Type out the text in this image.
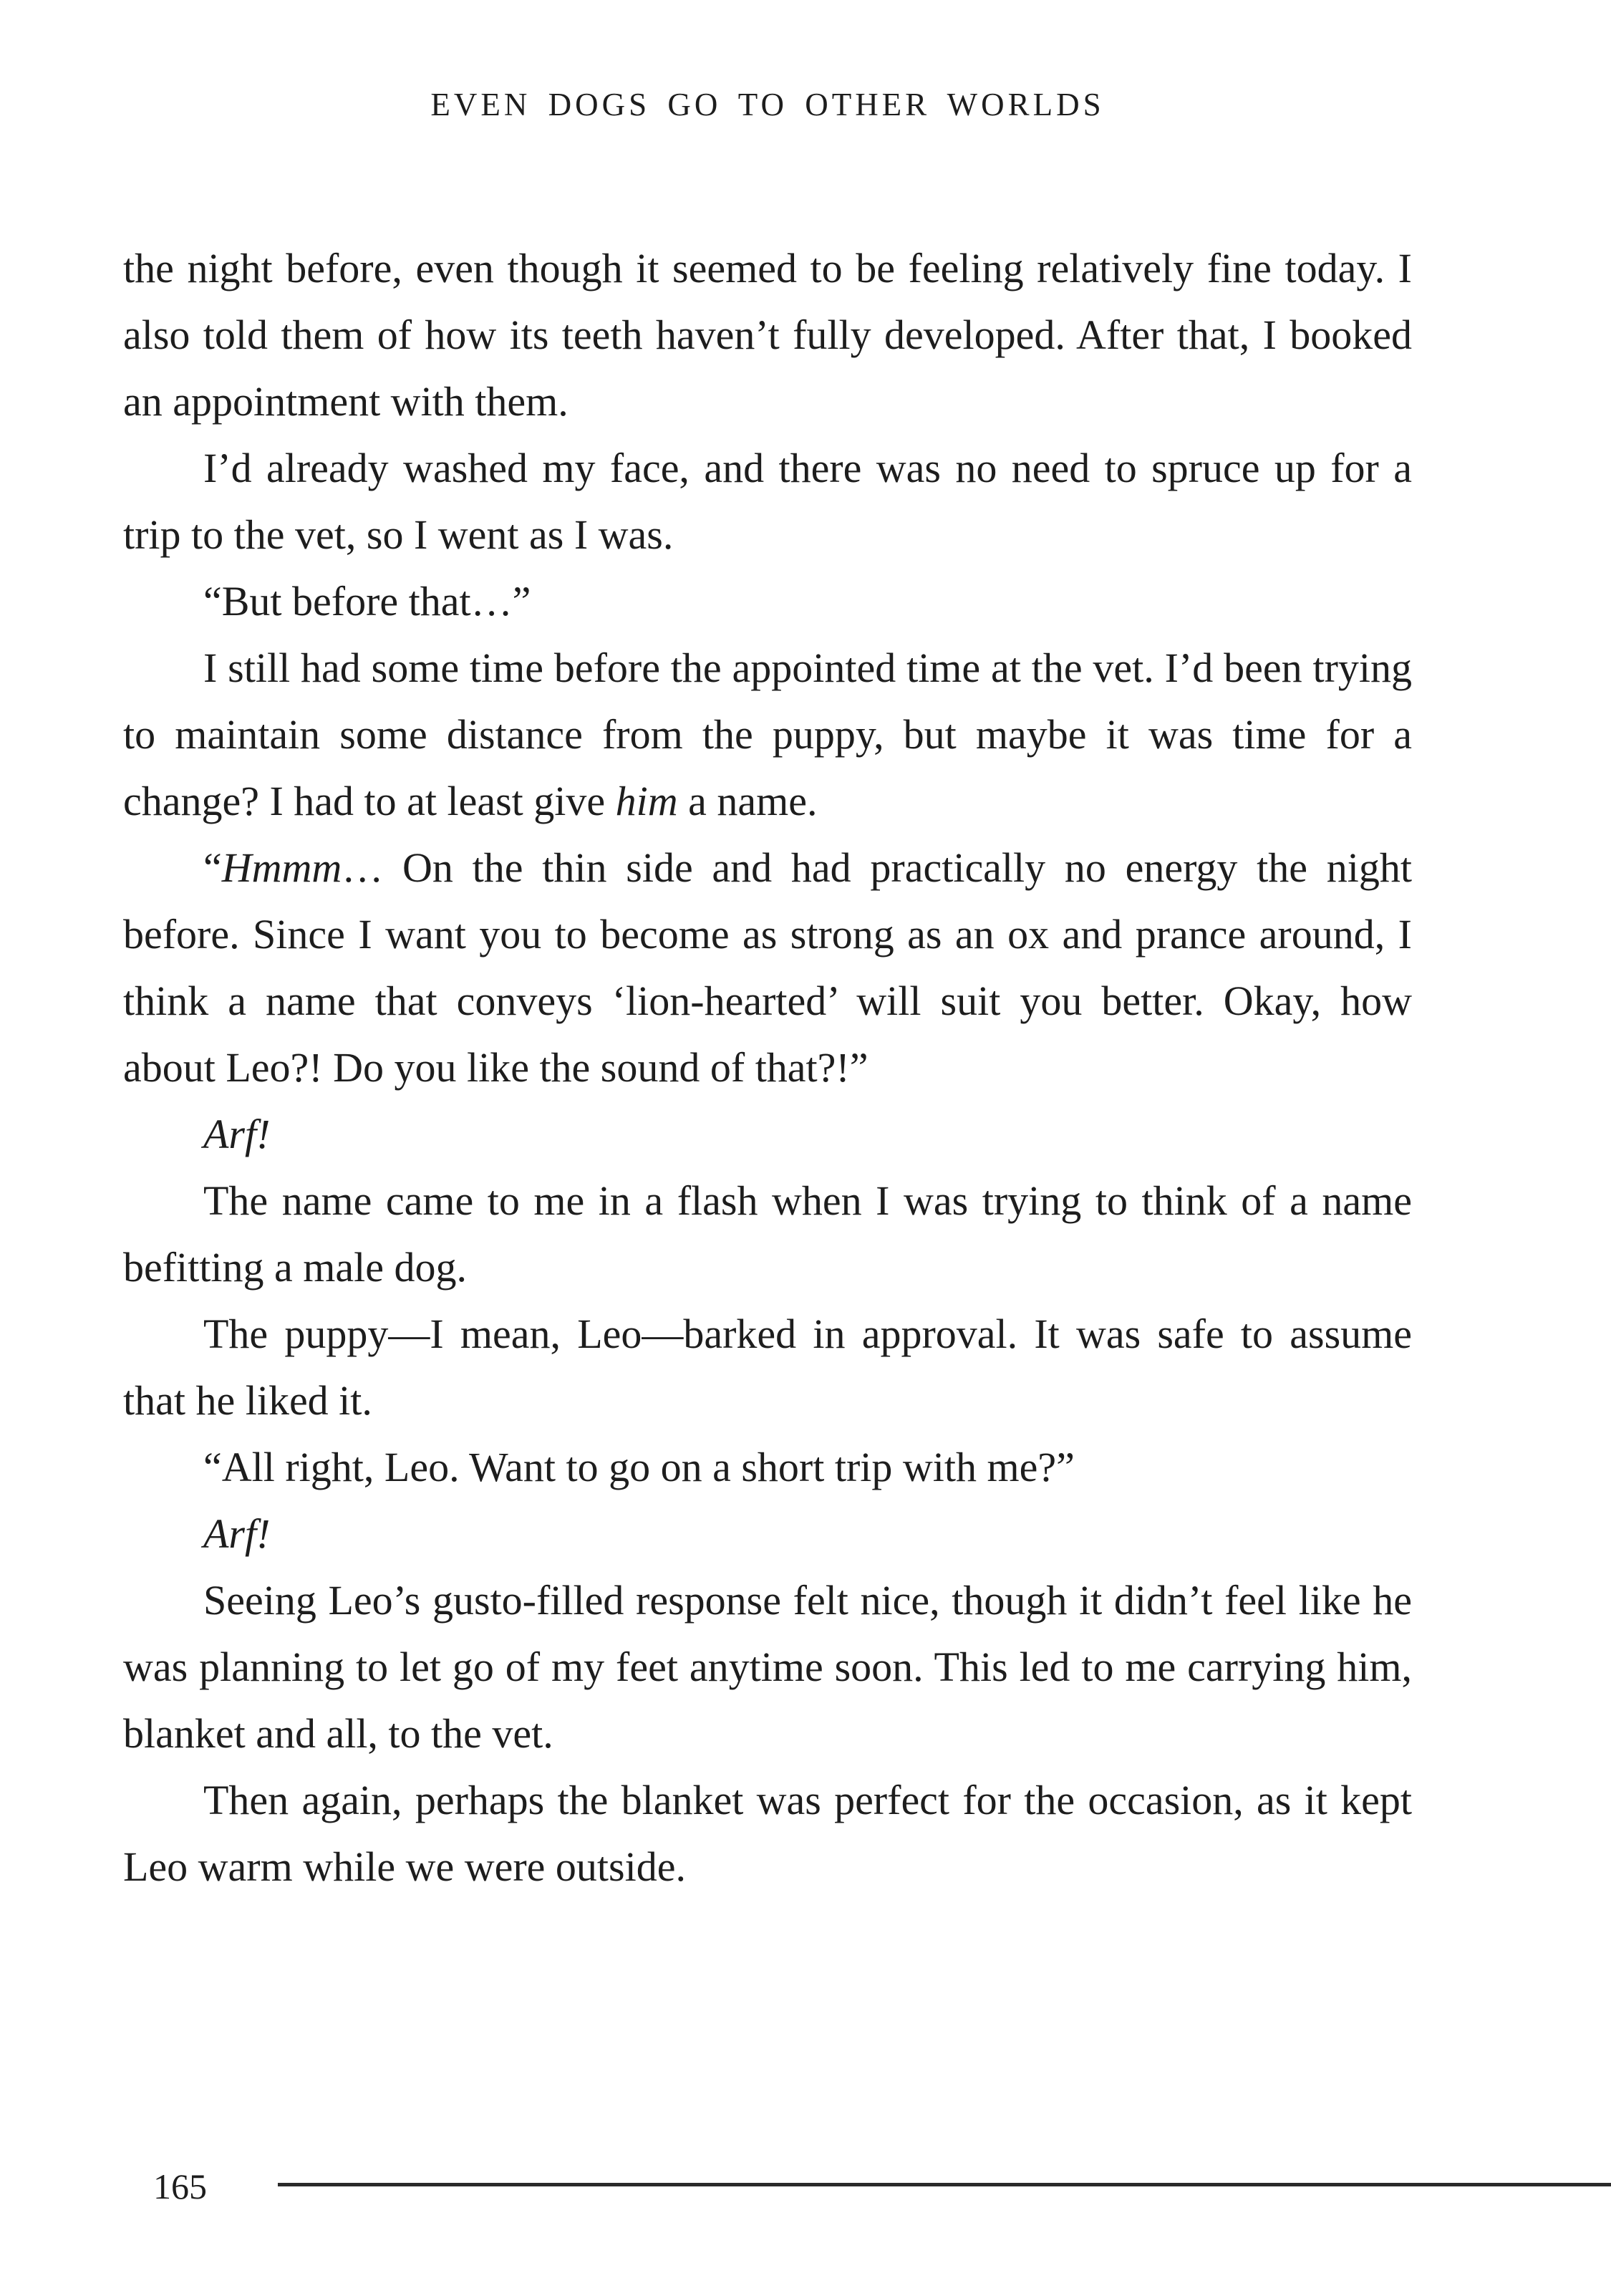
EVEN DOGS GO TO OTHER WORLDS

the night before, even though it seemed to be feeling relatively fine today. I also told them of how its teeth haven’t fully developed. After that, I booked an appointment with them.

I’d already washed my face, and there was no need to spruce up for a trip to the vet, so I went as I was.

“But before that…”

I still had some time before the appointed time at the vet. I’d been trying to maintain some distance from the puppy, but maybe it was time for a change? I had to at least give him a name.

“Hmmm… On the thin side and had practically no energy the night before. Since I want you to become as strong as an ox and prance around, I think a name that conveys ‘lion-hearted’ will suit you better. Okay, how about Leo?! Do you like the sound of that?!”

Arf!

The name came to me in a flash when I was trying to think of a name befitting a male dog.

The puppy—I mean, Leo—barked in approval. It was safe to assume that he liked it.

“All right, Leo. Want to go on a short trip with me?”

Arf!

Seeing Leo’s gusto-filled response felt nice, though it didn’t feel like he was planning to let go of my feet anytime soon. This led to me carrying him, blanket and all, to the vet.

Then again, perhaps the blanket was perfect for the occasion, as it kept Leo warm while we were outside.

165
